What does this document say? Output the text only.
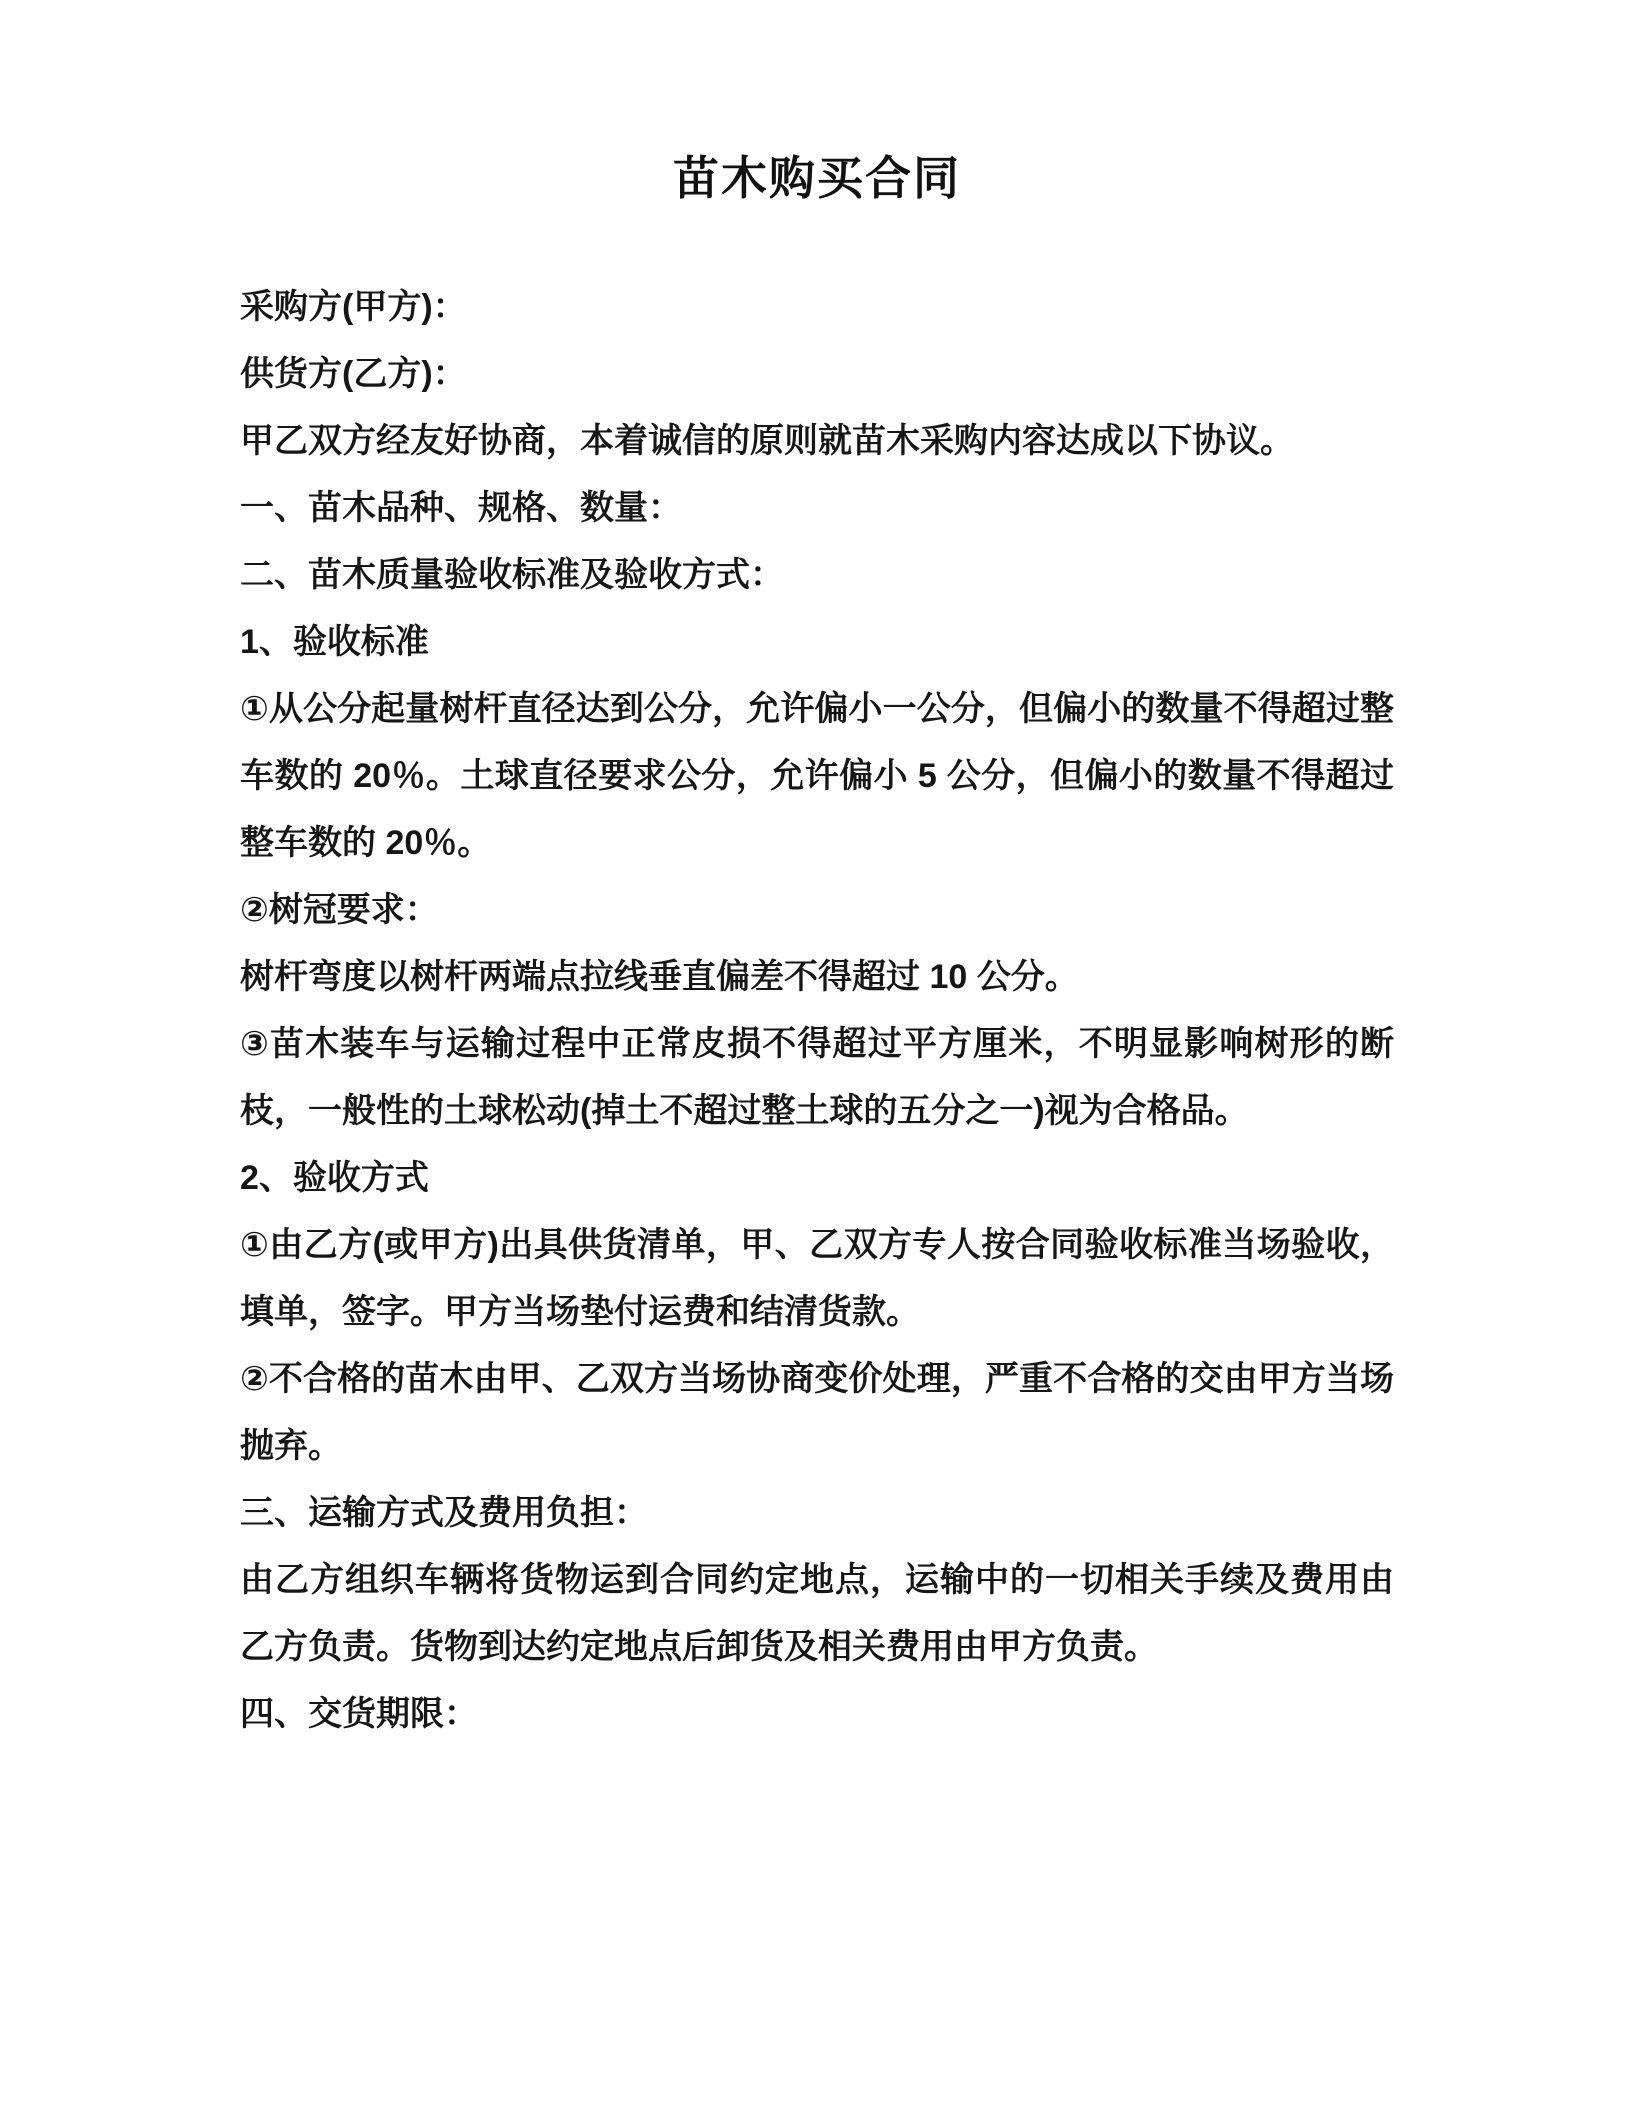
苗木购买合同

采购方(甲方)：

供货方(乙方)：

甲乙双方经友好协商，本着诚信的原则就苗木采购内容达成以下协议。

一、苗木品种、规格、数量：

二、苗木质量验收标准及验收方式：

1、验收标准

①从公分起量树杆直径达到公分，允许偏小一公分，但偏小的数量不得超过整车数的 20％。土球直径要求公分，允许偏小 5 公分，但偏小的数量不得超过整车数的 20％。

②树冠要求：

树杆弯度以树杆两端点拉线垂直偏差不得超过 10 公分。

③苗木装车与运输过程中正常皮损不得超过平方厘米，不明显影响树形的断枝，一般性的土球松动(掉土不超过整土球的五分之一)视为合格品。

2、验收方式

①由乙方(或甲方)出具供货清单，甲、乙双方专人按合同验收标准当场验收，填单，签字。甲方当场垫付运费和结清货款。

②不合格的苗木由甲、乙双方当场协商变价处理，严重不合格的交由甲方当场抛弃。

三、运输方式及费用负担：

由乙方组织车辆将货物运到合同约定地点，运输中的一切相关手续及费用由乙方负责。货物到达约定地点后卸货及相关费用由甲方负责。

四、交货期限：
